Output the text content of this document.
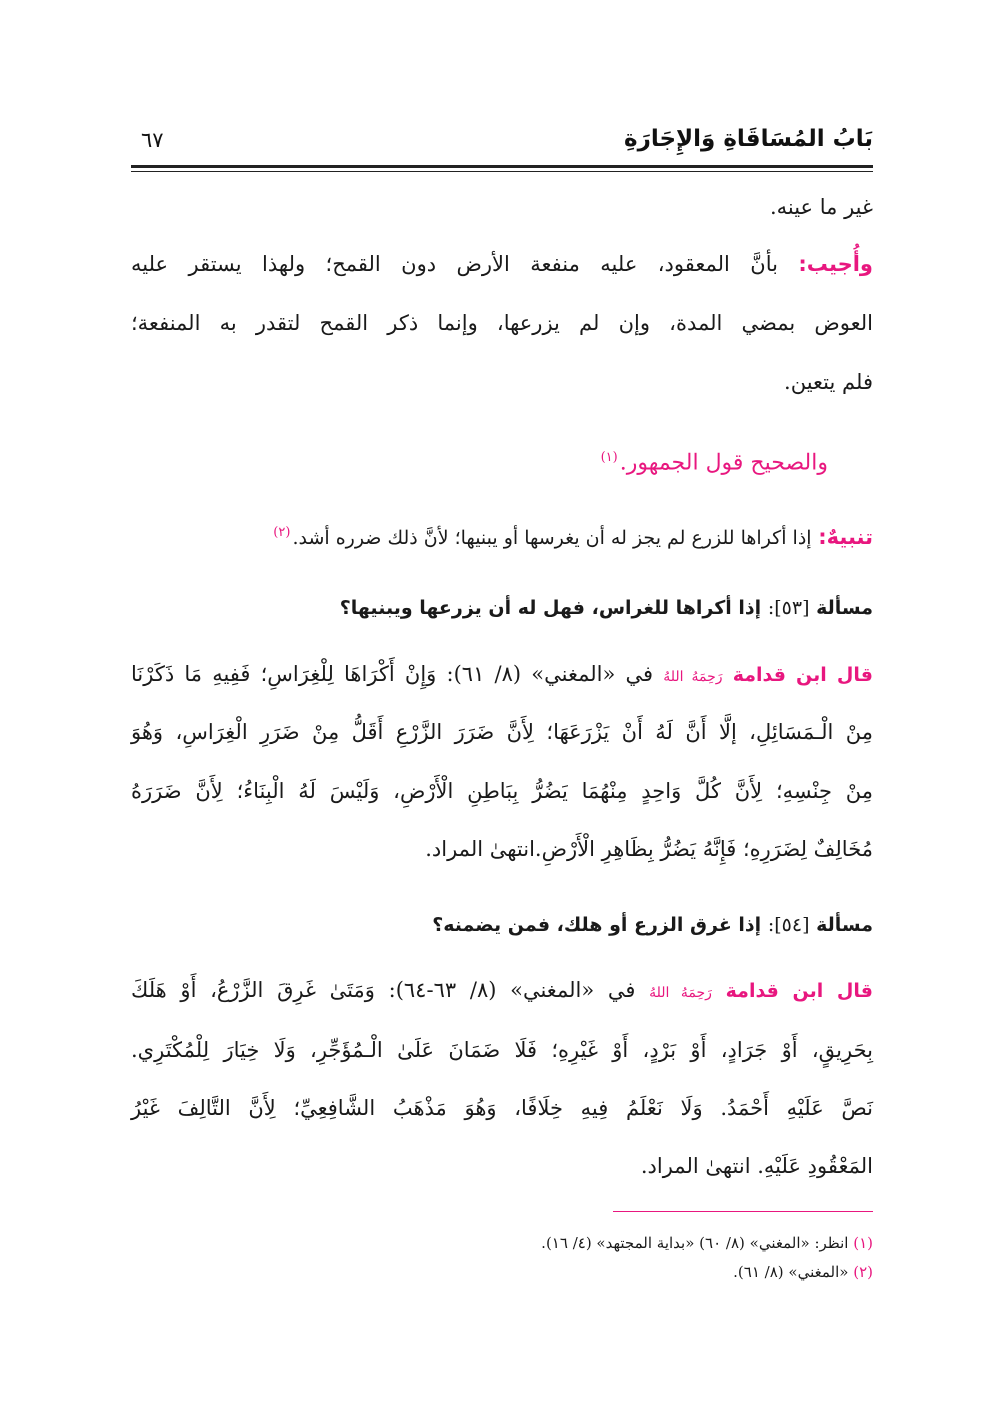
بَابُ المُسَاقَاةِ وَالإِجَارَةِ
٦٧
غير ما عينه.
وأُجيب: بأنَّ المعقود، عليه منفعة الأرض دون القمح؛ ولهذا يستقر عليه
العوض بمضي المدة، وإن لم يزرعها، وإنما ذكر القمح لتقدر به المنفعة؛
فلم يتعين.
والصحيح قول الجمهور.$^{(١)}$
تنبيهٌ: إذا أكراها للزرع لم يجز له أن يغرسها أو يبنيها؛ لأنَّ ذلك ضرره أشد.$^{(٢)}$
مسألة [٥٣]: إذا أكراها للغراس، فهل له أن يزرعها ويبنيها؟
قال ابن قدامة رَحِمَهُ اللهُ في «المغني» (٨/ ٦١): وَإِنْ أَكْرَاهَا لِلْغِرَاسِ؛ فَفِيهِ مَا ذَكَرْنَا
مِنْ الْـمَسَائِلِ، إلَّا أَنَّ لَهُ أَنْ يَزْرَعَهَا؛ لِأَنَّ ضَرَرَ الزَّرْعِ أَقَلُّ مِنْ ضَرَرِ الْغِرَاسِ، وَهُوَ
مِنْ جِنْسِهِ؛ لِأَنَّ كُلَّ وَاحِدٍ مِنْهُمَا يَضُرُّ بِبَاطِنِ الْأَرْضِ، وَلَيْسَ لَهُ الْبِنَاءُ؛ لِأَنَّ ضَرَرَهُ
مُخَالِفٌ لِضَرَرِهِ؛ فَإِنَّهُ يَضُرُّ بِظَاهِرِ الْأَرْضِ.انتهىٰ المراد.
مسألة [٥٤]: إذا غرق الزرع أو هلك، فمن يضمنه؟
قال ابن قدامة رَحِمَهُ اللهُ في «المغني» (٨/ ٦٣-٦٤): وَمَتَىٰ غَرِقَ الزَّرْعُ، أَوْ هَلَكَ
بِحَرِيقٍ، أَوْ جَرَادٍ، أَوْ بَرْدٍ، أَوْ غَيْرِهِ؛ فَلَا ضَمَانَ عَلَىٰ الْـمُؤَجِّرِ، وَلَا خِيَارَ لِلْمُكْتَرِي.
نَصَّ عَلَيْهِ أَحْمَدُ. وَلَا نَعْلَمُ فِيهِ خِلَافًا، وَهُوَ مَذْهَبُ الشَّافِعِيِّ؛ لِأَنَّ التَّالِفَ غَيْرُ
المَعْقُودِ عَلَيْهِ. انتهىٰ المراد.
(١) انظر: «المغني» (٨/ ٦٠) «بداية المجتهد» (٤/ ١٦).
(٢) «المغني» (٨/ ٦١).
